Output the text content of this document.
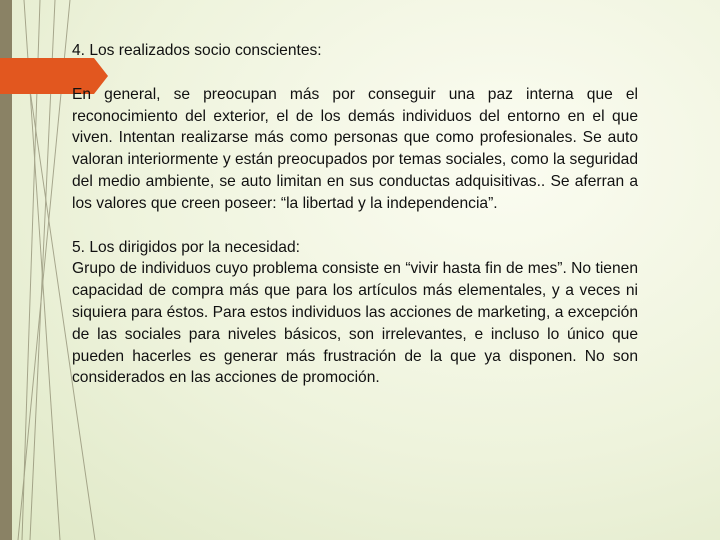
4. Los realizados socio conscientes:

En general, se preocupan más por conseguir una paz interna que el reconocimiento del exterior, el de los demás individuos del entorno en el que viven. Intentan realizarse más como personas que como profesionales. Se auto valoran interiormente y están preocupados por temas sociales, como la seguridad del medio ambiente, se auto limitan en sus conductas adquisitivas.. Se aferran a los valores que creen poseer: “la libertad y la independencia”.

5. Los dirigidos por la necesidad:

Grupo de individuos cuyo problema consiste en “vivir hasta fin de mes”. No tienen capacidad de compra más que para los artículos más elementales, y a veces ni siquiera para éstos. Para estos individuos las acciones de marketing, a excepción de las sociales para niveles básicos, son irrelevantes, e incluso lo único que pueden hacerles es generar más frustración de la que ya disponen. No son considerados en las acciones de promoción.
